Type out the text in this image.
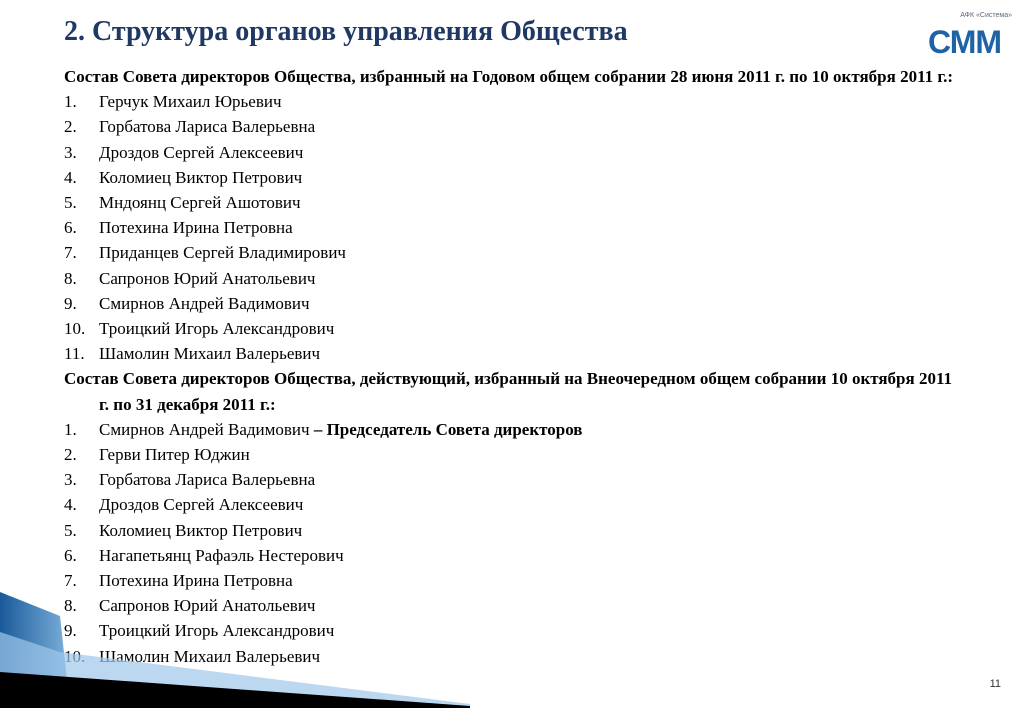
2. Структура органов управления Общества
АФК «Система»
СММ
Состав Совета директоров Общества, избранный на Годовом общем собрании 28 июня 2011 г. по 10 октября 2011 г.:
1.	Герчук Михаил Юрьевич
2.	Горбатова Лариса Валерьевна
3.	Дроздов Сергей Алексеевич
4.	Коломиец Виктор Петрович
5.	Мндоянц Сергей Ашотович
6.	Потехина Ирина Петровна
7.	Приданцев Сергей Владимирович
8.	Сапронов Юрий Анатольевич
9.	Смирнов Андрей Вадимович
10. Троицкий Игорь Александрович
11. Шамолин Михаил Валерьевич
Состав Совета директоров Общества, действующий, избранный на Внеочередном общем собрании 10 октября 2011 г. по 31 декабря 2011 г.:
1.	Смирнов Андрей Вадимович – Председатель Совета директоров
2.	Герви Питер Юджин
3.	Горбатова Лариса Валерьевна
4.	Дроздов Сергей Алексеевич
5.	Коломиец Виктор Петрович
6.	Нагапетьянц Рафаэль Нестерович
7.	Потехина Ирина Петровна
8.	Сапронов Юрий Анатольевич
9.	Троицкий Игорь Александрович
Шамолин Михаил Валерьевич
11
